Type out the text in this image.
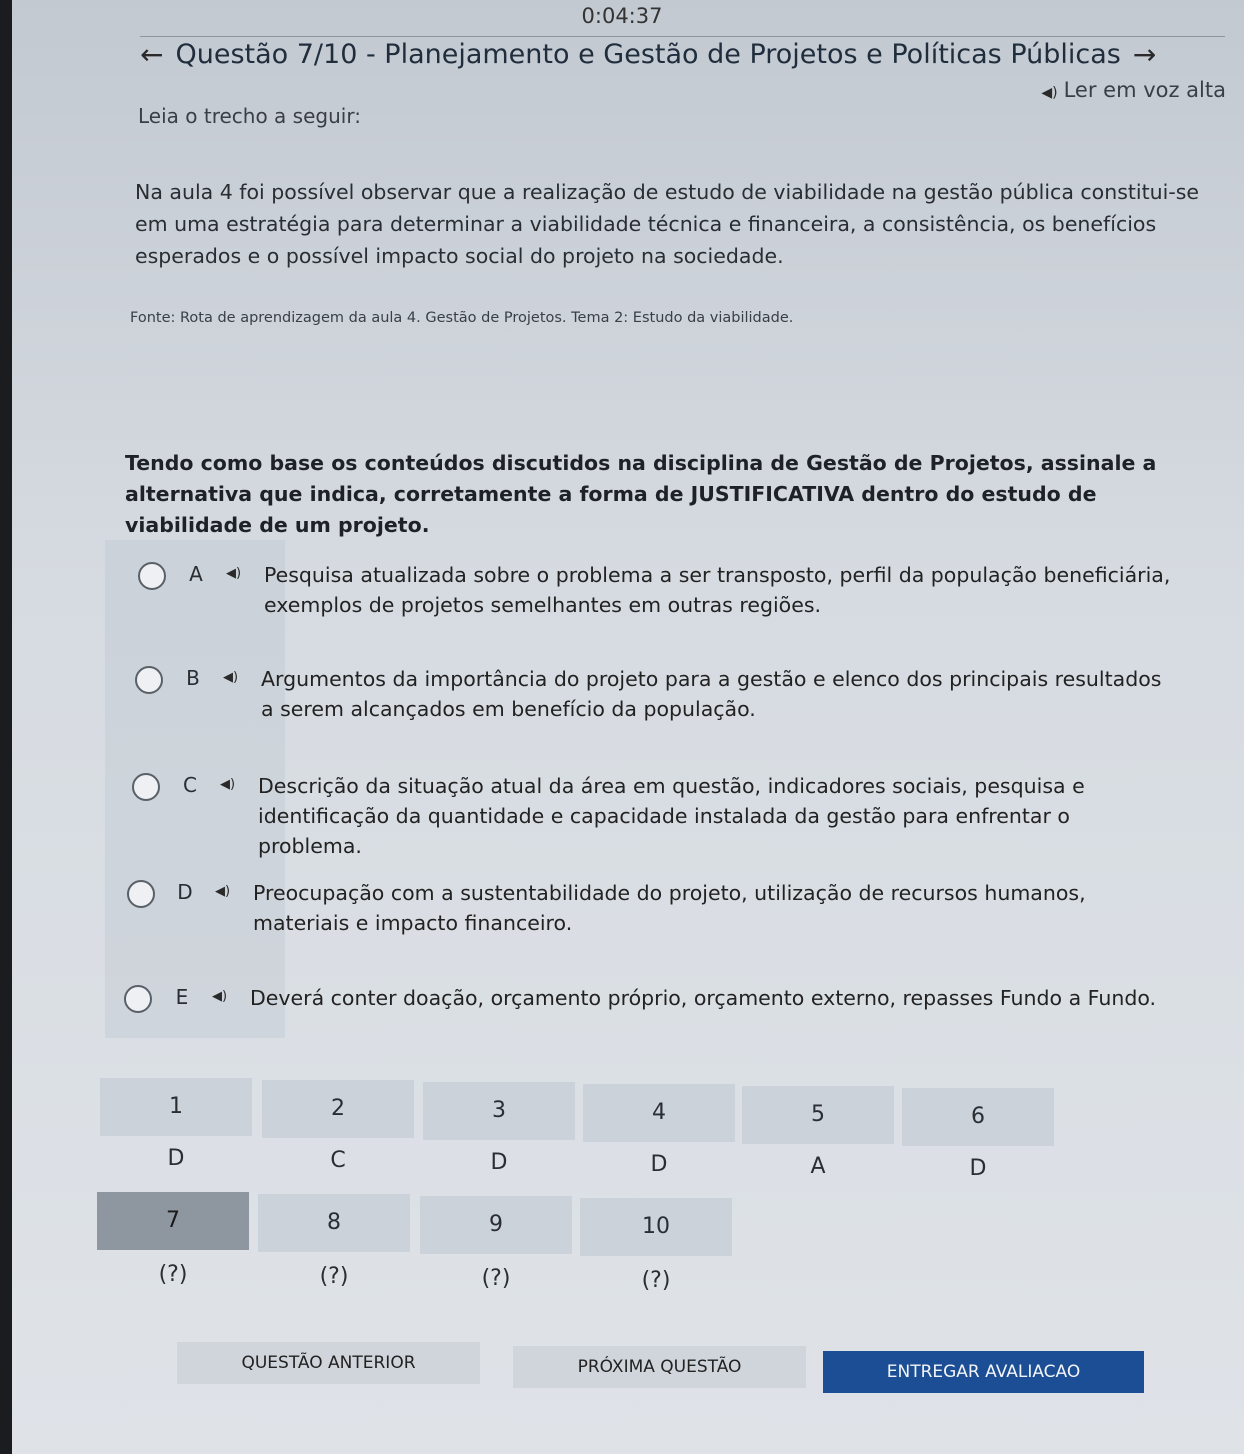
0:04:37
← Questão 7/10 - Planejamento e Gestão de Projetos e Políticas Públicas →
◀) Ler em voz alta
Leia o trecho a seguir:
Na aula 4 foi possível observar que a realização de estudo de viabilidade na gestão pública constitui-se em uma estratégia para determinar a viabilidade técnica e financeira, a consistência, os benefícios esperados e o possível impacto social do projeto na sociedade.
Fonte: Rota de aprendizagem da aula 4. Gestão de Projetos. Tema 2: Estudo da viabilidade.
Tendo como base os conteúdos discutidos na disciplina de Gestão de Projetos, assinale a alternativa que indica, corretamente a forma de JUSTIFICATIVA dentro do estudo de viabilidade de um projeto.
A	◀)	Pesquisa atualizada sobre o problema a ser transposto, perfil da população beneficiária, exemplos de projetos semelhantes em outras regiões.
B	◀)	Argumentos da importância do projeto para a gestão e elenco dos principais resultados a serem alcançados em benefício da população.
C	◀)	Descrição da situação atual da área em questão, indicadores sociais, pesquisa e identificação da quantidade e capacidade instalada da gestão para enfrentar o problema.
D	◀)	Preocupação com a sustentabilidade do projeto, utilização de recursos humanos, materiais e impacto financeiro.
E	◀)	Deverá conter doação, orçamento próprio, orçamento externo, repasses Fundo a Fundo.
1	2	3	4	5	6
D	C	D	D	A	D
7	8	9	10
(?)	(?)	(?)	(?)
QUESTÃO ANTERIOR	PRÓXIMA QUESTÃO	ENTREGAR AVALIACAO
